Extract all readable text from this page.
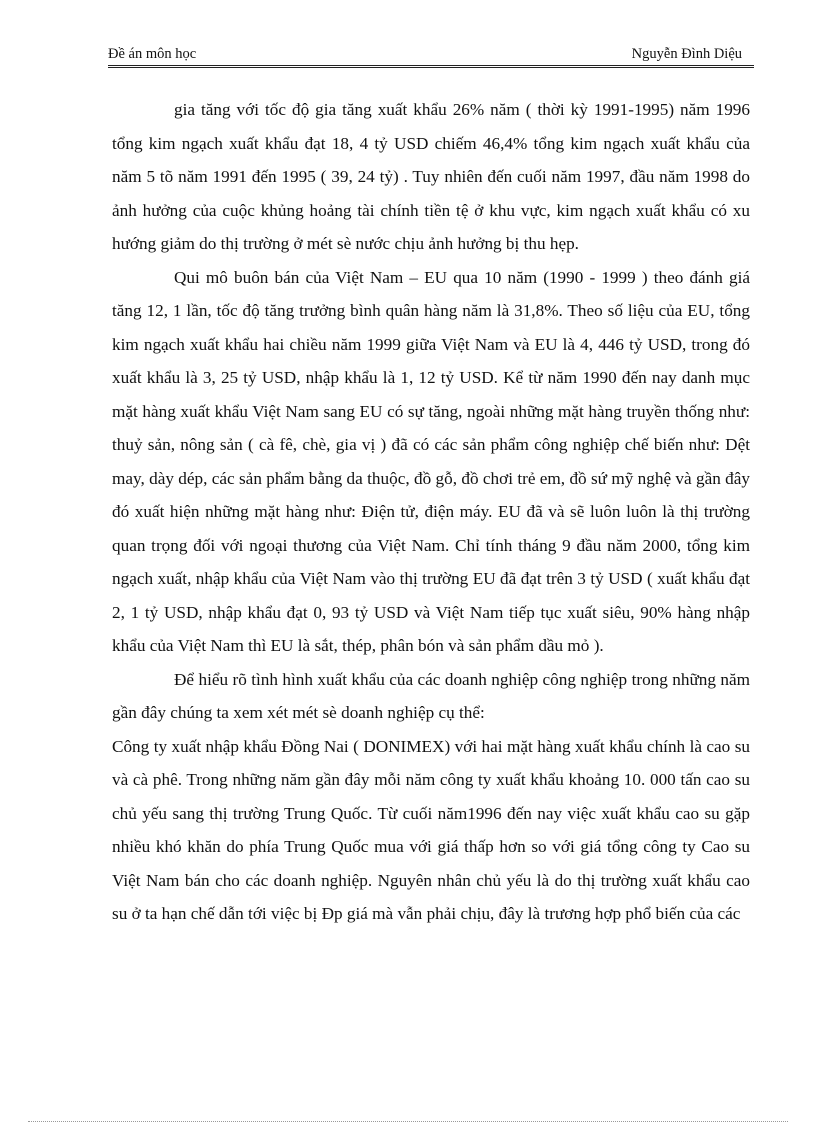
Đề án môn học	Nguyễn Đình Diệu

gia tăng với tốc độ gia tăng xuất khẩu 26% năm ( thời kỳ 1991-1995) năm 1996 tổng kim ngạch xuất khẩu đạt 18, 4 tỷ USD chiếm 46,4% tổng kim ngạch xuất khẩu của năm 5 tõ năm 1991 đến 1995 ( 39, 24 tỷ) . Tuy nhiên đến cuối năm 1997, đầu năm 1998 do ảnh hưởng của cuộc khủng hoảng tài chính tiền tệ ở khu vực, kim ngạch xuất khẩu có xu hướng giảm do thị trường ở mét sè nước chịu ảnh hưởng bị thu hẹp.

Qui mô buôn bán của Việt Nam – EU qua 10 năm (1990 - 1999 ) theo đánh giá tăng 12, 1 lần, tốc độ tăng trưởng bình quân hàng năm là 31,8%. Theo số liệu của EU, tổng kim ngạch xuất khẩu hai chiều năm 1999 giữa Việt Nam và EU là 4, 446 tỷ USD, trong đó xuất khẩu là 3, 25 tỷ USD, nhập khẩu là 1, 12 tỷ USD. Kể từ năm 1990 đến nay danh mục mặt hàng xuất khẩu Việt Nam sang EU có sự tăng, ngoài những mặt hàng truyền thống như: thuỷ sản, nông sản ( cà fê, chè, gia vị ) đã có các sản phẩm công nghiệp chế biến như: Dệt may, dày dép, các sản phẩm bằng da thuộc, đồ gỗ, đồ chơi trẻ em, đồ sứ mỹ nghệ và gần đây đó xuất hiện những mặt hàng như: Điện tử, điện máy. EU đã và sẽ luôn luôn là thị trường quan trọng đối với ngoại thương của Việt Nam. Chỉ tính tháng 9 đầu năm 2000, tổng kim ngạch xuất, nhập khẩu của Việt Nam vào thị trường EU đã đạt trên 3 tỷ USD ( xuất khẩu đạt 2, 1 tỷ USD, nhập khẩu đạt 0, 93 tỷ USD và Việt Nam tiếp tục xuất siêu, 90% hàng nhập khẩu của Việt Nam thì EU là sắt, thép, phân bón và sản phẩm dầu mỏ ).

Để hiểu rõ tình hình xuất khẩu của các doanh nghiệp công nghiệp trong những năm gần đây chúng ta xem xét mét sè doanh nghiệp cụ thể:

Công ty xuất nhập khẩu Đồng Nai ( DONIMEX) với hai mặt hàng xuất khẩu chính là cao su và cà phê. Trong những năm gần đây mỗi năm công ty xuất khẩu khoảng 10. 000 tấn cao su chủ yếu sang thị trường Trung Quốc. Từ cuối năm1996 đến nay việc xuất khẩu cao su gặp nhiều khó khăn do phía Trung Quốc mua với giá thấp hơn so với giá tổng công ty Cao su Việt Nam bán cho các doanh nghiệp. Nguyên nhân chủ yếu là do thị trường xuất khẩu cao su ở ta hạn chế dẫn tới việc bị Ðp giá mà vẫn phải chịu, đây là trương hợp phổ biến của các
